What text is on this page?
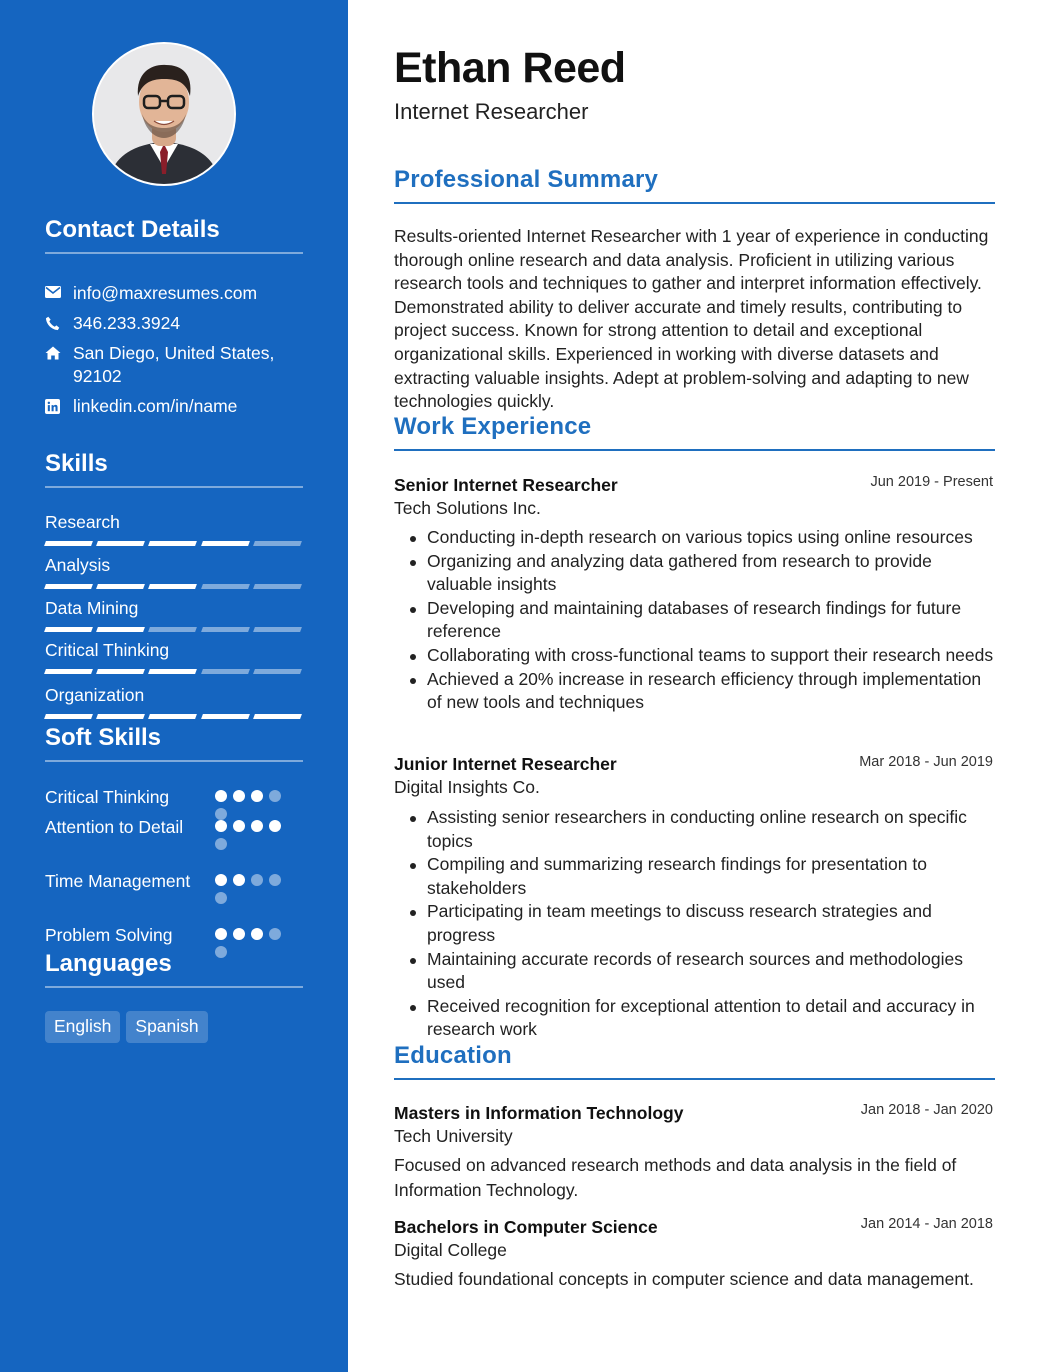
Contact Details
info@maxresumes.com
346.233.3924
San Diego, United States, 92102
linkedin.com/in/name
Skills
Research
Analysis
Data Mining
Critical Thinking
Organization
Soft Skills
Critical Thinking
Attention to Detail
Time Management
Problem Solving
Languages
English	Spanish
Ethan Reed
Internet Researcher
Professional Summary

Results-oriented Internet Researcher with 1 year of experience in conducting thorough online research and data analysis. Proficient in utilizing various research tools and techniques to gather and interpret information effectively. Demonstrated ability to deliver accurate and timely results, contributing to project success. Known for strong attention to detail and exceptional organizational skills. Experienced in working with diverse datasets and extracting valuable insights. Adept at problem-solving and adapting to new technologies quickly.

Work Experience
Senior Internet Researcher	Jun 2019 - Present
Tech Solutions Inc.
Conducting in-depth research on various topics using online resources
Organizing and analyzing data gathered from research to provide valuable insights
Developing and maintaining databases of research findings for future reference
Collaborating with cross-functional teams to support their research needs
Achieved a 20% increase in research efficiency through implementation of new tools and techniques
Junior Internet Researcher	Mar 2018 - Jun 2019
Digital Insights Co.
Assisting senior researchers in conducting online research on specific topics
Compiling and summarizing research findings for presentation to stakeholders
Participating in team meetings to discuss research strategies and progress
Maintaining accurate records of research sources and methodologies used
Received recognition for exceptional attention to detail and accuracy in research work
Education
Masters in Information Technology	Jan 2018 - Jan 2020
Tech University

Focused on advanced research methods and data analysis in the field of Information Technology.

Bachelors in Computer Science	Jan 2014 - Jan 2018
Digital College

Studied foundational concepts in computer science and data management.
